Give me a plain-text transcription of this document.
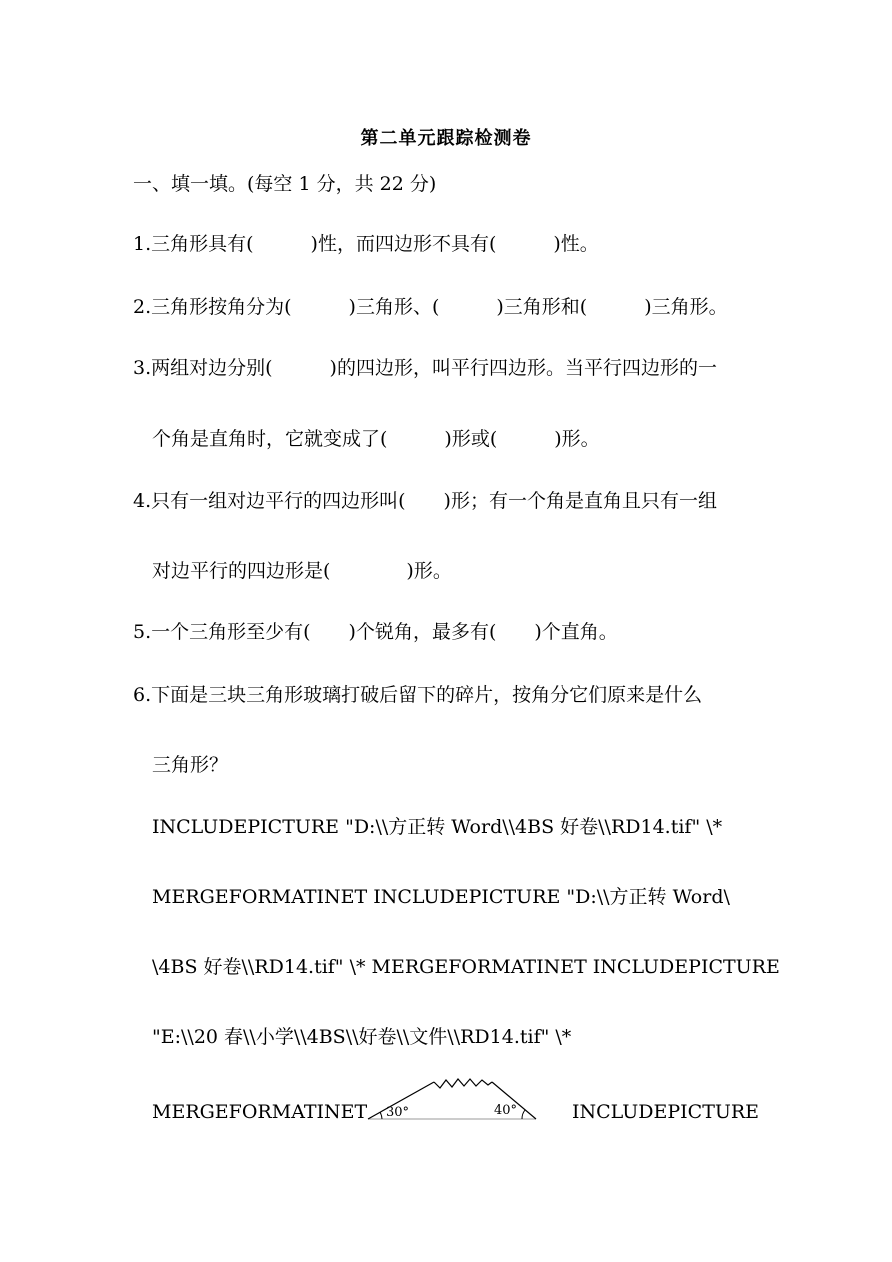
第二单元跟踪检测卷
一、填一填。(每空 1 分，共 22 分)
1.三角形具有(　　　)性，而四边形不具有(　　　)性。
2.三角形按角分为(　　　)三角形、(　　　)三角形和(　　　)三角形。
3.两组对边分别(　　　)的四边形，叫平行四边形。当平行四边形的一
个角是直角时，它就变成了(　　　)形或(　　　)形。
4.只有一组对边平行的四边形叫(　　)形；有一个角是直角且只有一组
对边平行的四边形是(　　　　)形。
5.一个三角形至少有(　　)个锐角，最多有(　　)个直角。
6.下面是三块三角形玻璃打破后留下的碎片，按角分它们原来是什么
三角形？
INCLUDEPICTURE "D:\\方正转 Word\\4BS 好卷\\RD14.tif" \*
MERGEFORMATINET INCLUDEPICTURE "D:\\方正转 Word\
\4BS 好卷\\RD14.tif" \* MERGEFORMATINET INCLUDEPICTURE
"E:\\20 春\\小学\\4BS\\好卷\\文件\\RD14.tif" \*
MERGEFORMATINET	INCLUDEPICTURE
30°	40°
